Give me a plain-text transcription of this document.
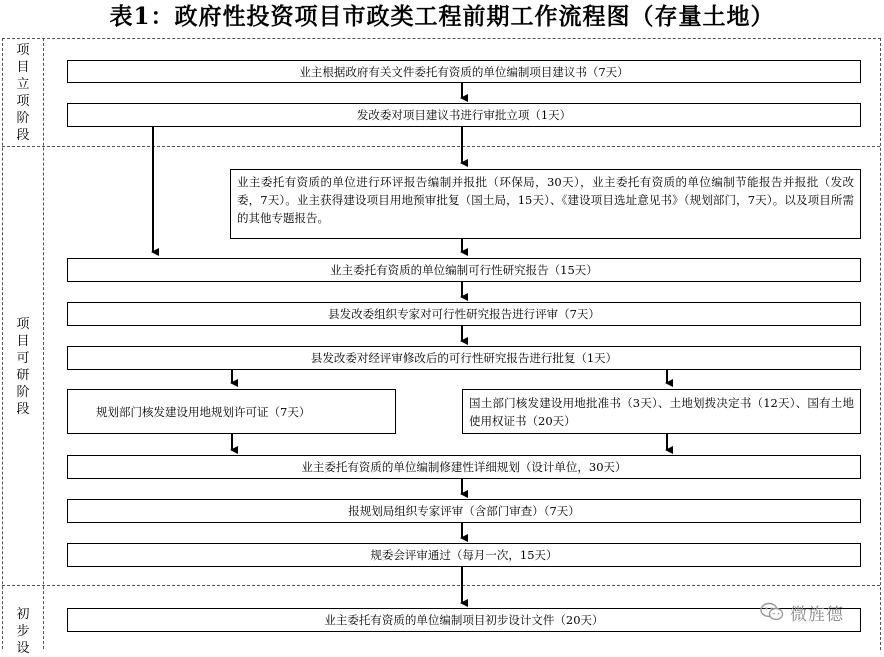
表1：政府性投资项目市政类工程前期工作流程图（存量土地）
项
目
立
项
阶
段
项
目
可
研
阶
段
初
步
设
业主根据政府有关文件委托有资质的单位编制项目建议书（7天）
发改委对项目建议书进行审批立项（1天）
业主委托有资质的单位进行环评报告编制并报批（环保局，30天），业主委托有资质的单位编制节能报告并报批（发改委，7天）。业主获得建设项目用地预审批复（国土局，15天）、《建设项目选址意见书》（规划部门，7天）。以及项目所需的其他专题报告。
业主委托有资质的单位编制可行性研究报告（15天）
县发改委组织专家对可行性研究报告进行评审（7天）
县发改委对经评审修改后的可行性研究报告进行批复（1天）
规划部门核发建设用地规划许可证（7天）
国土部门核发建设用地批准书（3天）、土地划拨决定书（12天）、国有土地使用权证书（20天）
业主委托有资质的单位编制修建性详细规划（设计单位，30天）
报规划局组织专家评审（含部门审查）（7天）
规委会评审通过（每月一次，15天）
业主委托有资质的单位编制项目初步设计文件（20天）	微旌德
